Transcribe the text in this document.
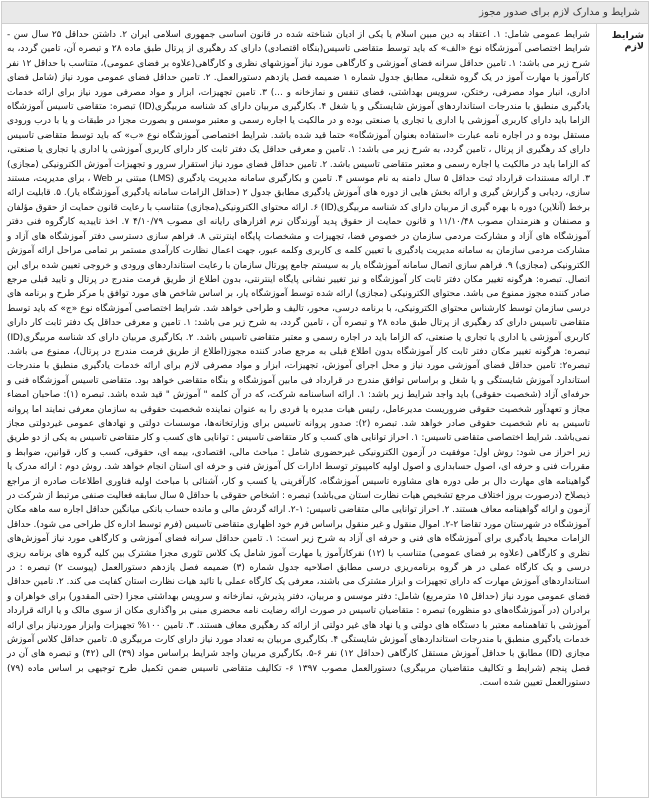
شرایط و مدارک لازم برای صدور مجوز
شرایط لازم
شرایط عمومی شامل: ۱. اعتقاد به دین مبین اسلام یا یکی از ادیان شناخته شده در قانون اساسی جمهوری اسلامی ایران ۲. داشتن حداقل ۲۵ سال سن - شرایط اختصاصی آموزشگاه نوع «الف» که باید توسط متقاضی تاسیس(بنگاه اقتصادی) دارای کد رهگیری از پرتال طبق ماده ۲۸ و تبصره آن، تامین گردد، به شرح زیر می باشد: ۱. تامین حداقل سرانه فضای آموزشی و کارگاهی مورد نیاز آموزشهای نظری و کارگاهی(علاوه بر فضای عمومی)، متناسب با حداقل ۱۲ نفر کارآموز یا مهارت آموز در یک گروه شغلی، مطابق جدول شماره ۱ ضمیمه فصل یازدهم دستورالعمل. ۲. تامین حداقل فضای عمومی مورد نیاز (شامل فضای اداری، انبار مواد مصرفی، رختکن، سرویس بهداشتی، فضای تنفس و نمازخانه و ...) ۳. تامین تجهیزات، ابزار و مواد مصرفی مورد نیاز برای ارائه خدمات یادگیری منطبق با مندرجات استانداردهای آموزش شایستگی و یا شغل ۴. بکارگیری مربیان دارای کد شناسه مربیگری(ID) تبصره: متقاضی تاسیس آموزشگاه الزاما باید دارای کاربری آموزشی یا اداری یا تجاری یا صنعتی بوده و در مالکیت یا اجاره رسمی و معتبر موسس و بصورت مجزا در طبقات و یا با درب ورودی مستقل بوده و در اجاره نامه عبارت «استفاده بعنوان آموزشگاه» حتما قید شده باشد. شرایط اختصاصی آموزشگاه نوع «ب» که باید توسط متقاضی تاسیس دارای کد رهگیری از پرتال ، تامین گردد، به شرح زیر می باشد: ۱. تامین و معرفی حداقل یک دفتر ثابت کار دارای کاربری آموزشی یا اداری یا تجاری یا صنعتی، که الزاما باید در مالکیت یا اجاره رسمی و معتبر متقاضی تاسیس باشد. ۲. تامین حداقل فضای مورد نیاز استقرار سرور و تجهیزات آموزش الکترونیکی (مجازی) ۳. ارائه مستندات قرارداد ثبت حداقل ۵ سال دامنه به نام موسس ۴. تامین و بکارگیری سامانه مدیریت یادگیری (LMS) مبتنی بر Web ، برای مدیریت، مستند سازی، ردیابی و گزارش گیری و ارائه بخش هایی از دوره های آموزش یادگیری مطابق جدول ۲ (حداقل الزامات سامانه یادگیری آموزشگاه یار). ۵. قابلیت ارائه برخط (آنلاین) دوره با بهره گیری از مربیان دارای کد شناسه مربیگری(ID) ۶. ارائه محتوای الکترونیکی(مجازی) متناسب با رعایت قانون حمایت از حقوق مؤلفان و مصنفان و هنرمندان مصوب ۱۱/۱۰/۴۸ و قانون حمایت از حقوق پدید آورندگان نرم افزارهای رایانه ای مصوب ۴/۱۰/۷۹ ۷. اخذ تاییدیه کارگروه فنی دفتر آموزشگاه های آزاد و مشارکت مردمی سازمان در خصوص فضا، تجهیزات و مشخصات پایگاه اینترنتی ۸. فراهم سازی دسترسی دفتر آموزشگاه های آزاد و مشارکت مردمی سازمان به سامانه مدیریت یادگیری با تعیین کلمه ی کاربری وکلمه عبور، جهت اعمال نظارت کارآمدی مستمر بر تمامی مراحل ارائه آموزش الکترونیکی (مجازی) ۹. فراهم سازی اتصال سامانه آموزشگاه یار به سیستم جامع پورتال سازمان با رعایت استانداردهای ورودی و خروجی تعیین شده برای این اتصال. تبصره: هرگونه تغییر مکان دفتر ثابت کار آموزشگاه و نیز تغییر نشانی پایگاه اینترنتی، بدون اطلاع از طریق فرمت مندرج در پرتال و تایید قبلی مرجع صادر کننده مجوز ممنوع می باشد. محتوای الکترونیکی (مجازی) ارائه شده توسط آموزشگاه یار، بر اساس شاخص های مورد توافق با مرکز طرح و برنامه های درسی سازمان توسط کارشناس محتوای الکترونیکی، با برنامه درسی، محور، تالیف و طراحی خواهد شد. شرایط اختصاصی آموزشگاه نوع «ج» که باید توسط متقاضی تاسیس دارای کد رهگیری از پرتال طبق ماده ۲۸ و تبصره آن ، تامین گردد، به شرح زیر می باشد: ۱. تامین و معرفی حداقل یک دفتر ثابت کار دارای کاربری آموزشی یا اداری یا تجاری یا صنعتی، که الزاما باید در اجاره رسمی و معتبر متقاضی تاسیس باشد. ۲. بکارگیری مربیان دارای کد شناسه مربیگری(ID) تبصره: هرگونه تغییر مکان دفتر ثابت کار آموزشگاه بدون اطلاع قبلی به مرجع صادر کننده مجوز(اطلاع از طریق فرمت مندرج در پرتال)، ممنوع می باشد. تبصره۲: تامین حداقل فضای آموزشی مورد نیاز و محل اجرای آموزش، تجهیزات، ابزار و مواد مصرفی لازم برای ارائه خدمات یادگیری منطبق با مندرجات استاندارد آموزش شایستگی و یا شغل و براساس توافق مندرج در قرارداد فی مابین آموزشگاه و بنگاه متقاضی خواهد بود. متقاضی تاسیس آموزشگاه فنی و حرفه‌ای آزاد (شخصیت حقوقی) باید واجد شرایط زیر باشد: ۱. ارائه اساسنامه شرکت، که در آن کلمه " آموزش " قید شده باشد. تبصره (۱): صاحبان امضاء مجاز و تعهدآور شخصیت حقوقی ضروریست مدیرعامل، رئیس هیات مدیره یا فردی را به عنوان نماینده شخصیت حقوقی به سازمان معرفی نمایند اما پروانه تاسیس به نام شخصیت حقوقی صادر خواهد شد. تبصره (۲): صدور پروانه تاسیس برای وزارتخانه‌ها، موسسات دولتی و نهادهای عمومی غیردولتی مجاز نمی‌باشد. شرایط اختصاصی متقاضی تاسیس: ۱. احراز توانایی های کسب و کار متقاضی تاسیس : توانایی های کسب و کار متقاضی تاسیس به یکی از دو طریق زیر احراز می شود: روش اول: موفقیت در آزمون الکترونیکی غیرحضوری شامل : مباحث مالی، اقتصادی، بیمه ای، حقوقی، کسب و کار، قوانین، ضوابط و مقررات فنی و حرفه ای، اصول حسابداری و اصول اولیه کامپیوتر توسط ادارات کل آموزش فنی و حرفه ای استان انجام خواهد شد. روش دوم : ارائه مدرک یا گواهینامه های مهارت دال بر طی دوره های مشاوره تاسیس آموزشگاه، کارآفرینی یا کسب و کار، آشنائی با مباحث اولیه فناوری اطلاعات صادره از مراجع ذیصلاح (درصورت بروز اختلاف مرجع تشخیص هیات نظارت استان می‌باشد) تبصره : اشخاص حقوقی با حداقل ۵ سال سابقه فعالیت صنفی مرتبط از شرکت در آزمون و ارائه گواهینامه معاف هستند. ۲. احراز توانایی مالی متقاضی تاسیس: ۱-۲. ارائه گردش مالی و مانده حساب بانکی میانگین حداقل اجاره سه ماهه مکان آموزشگاه در شهرستان مورد تقاضا ۲-۲. اموال منقول و غیر منقول براساس فرم خود اظهاری متقاضی تاسیس (فرم توسط اداره کل طراحی می شود). حداقل الزامات محیط یادگیری برای آموزشگاه های فنی و حرفه ای آزاد به شرح زیر است: ۱. تامین حداقل سرانه فضای آموزشی و کارگاهی مورد نیاز آموزش‌های نظری و کارگاهی (علاوه بر فضای عمومی) متناسب با (۱۲) نفرکارآموز یا مهارت آموز شامل یک کلاس تئوری مجزا مشترک بین کلیه گروه های برنامه ریزی درسی و یک کارگاه عملی در هر گروه برنامه‌ریزی درسی مطابق اصلاحیه جدول شماره (۳) ضمیمه فصل یازدهم دستورالعمل (پیوست ۲) تبصره : در استانداردهای آموزش مهارت که دارای تجهیزات و ابزار مشترک می باشند، معرفی یک کارگاه عملی با تائید هیات نظارت استان کفایت می کند. ۲. تامین حداقل فضای عمومی مورد نیاز (حداقل ۱۵ مترمربع) شامل: دفتر موسس و مربیان، دفتر پذیرش، نمازخانه و سرویس بهداشتی مجزا (حتی المقدور) برای خواهران و برادران (در آموزشگاه‌های دو منظوره) تبصره : متقاضیان تاسیس در صورت ارائه رضایت نامه محضری مبنی بر واگذاری مکان از سوی مالک و یا ارائه قرارداد آموزشی با تفاهمنامه معتبر با دستگاه های دولتی و یا نهاد های غیر دولتی از ارائه کد رهگیری معاف هستند. ۳. تامین ۱۰۰% تجهیزات وابزار موردنیاز برای ارائه خدمات یادگیری منطبق با مندرجات استانداردهای آموزش شایستگی ۴. بکارگیری مربیان به تعداد مورد نیاز دارای کارت مربیگری ۵. تامین حداقل کلاس آموزش مجازی (ID) مطابق با حداقل آموزش مستقل کارگاهی (حداقل ۱۲) نفر ۶-۵. بکارگیری مربیان واجد شرایط براساس مواد (۳۹) الی (۴۲) و تبصره های آن در فصل پنجم (شرایط و تکالیف متقاضیان مربیگری) دستورالعمل مصوب ۱۳۹۷ ۶- تکالیف متقاضی تاسیس ضمن تکمیل طرح توجیهی بر اساس ماده (۷۹) دستورالعمل تعیین شده است.
